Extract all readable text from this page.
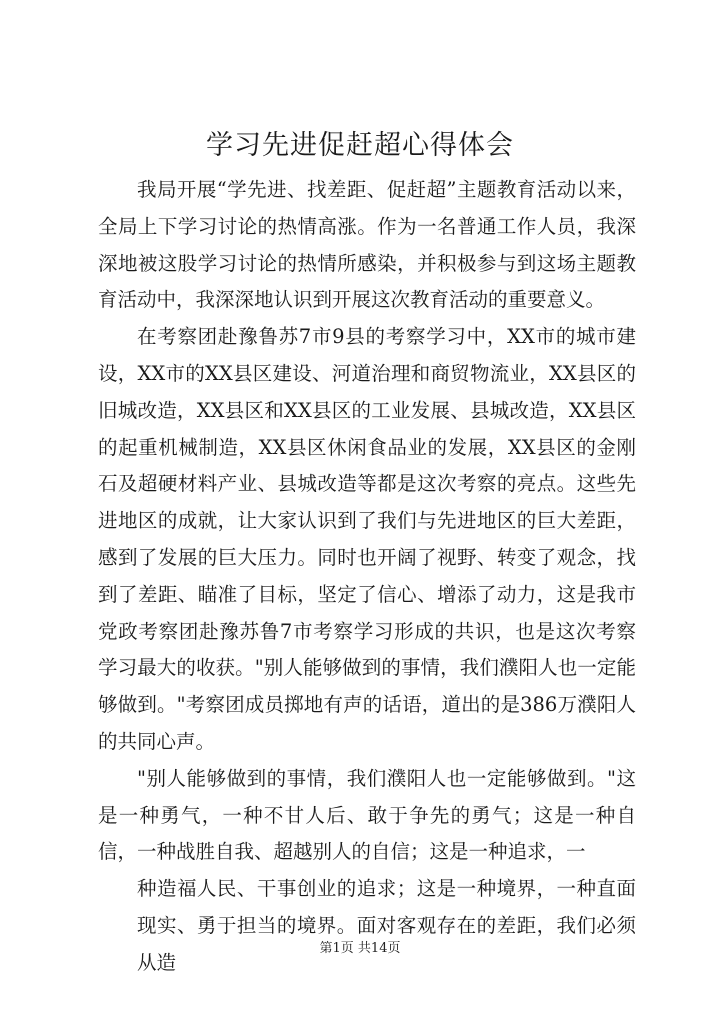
学习先进促赶超心得体会

我局开展“学先进、找差距、促赶超”主题教育活动以来，全局上下学习讨论的热情高涨。作为一名普通工作人员，我深深地被这股学习讨论的热情所感染，并积极参与到这场主题教育活动中，我深深地认识到开展这次教育活动的重要意义。

在考察团赴豫鲁苏7市9县的考察学习中，XX市的城市建设，XX市的XX县区建设、河道治理和商贸物流业，XX县区的旧城改造，XX县区和XX县区的工业发展、县城改造，XX县区的起重机械制造，XX县区休闲食品业的发展，XX县区的金刚石及超硬材料产业、县城改造等都是这次考察的亮点。这些先进地区的成就，让大家认识到了我们与先进地区的巨大差距，感到了发展的巨大压力。同时也开阔了视野、转变了观念，找到了差距、瞄准了目标，坚定了信心、增添了动力，这是我市党政考察团赴豫苏鲁7市考察学习形成的共识，也是这次考察学习最大的收获。"别人能够做到的事情，我们濮阳人也一定能够做到。"考察团成员掷地有声的话语，道出的是386万濮阳人的共同心声。

"别人能够做到的事情，我们濮阳人也一定能够做到。"这是一种勇气，一种不甘人后、敢于争先的勇气；这是一种自信，一种战胜自我、超越别人的自信；这是一种追求，一

种造福人民、干事创业的追求；这是一种境界，一种直面现实、勇于担当的境界。面对客观存在的差距，我们必须从造

第1页 共14页
